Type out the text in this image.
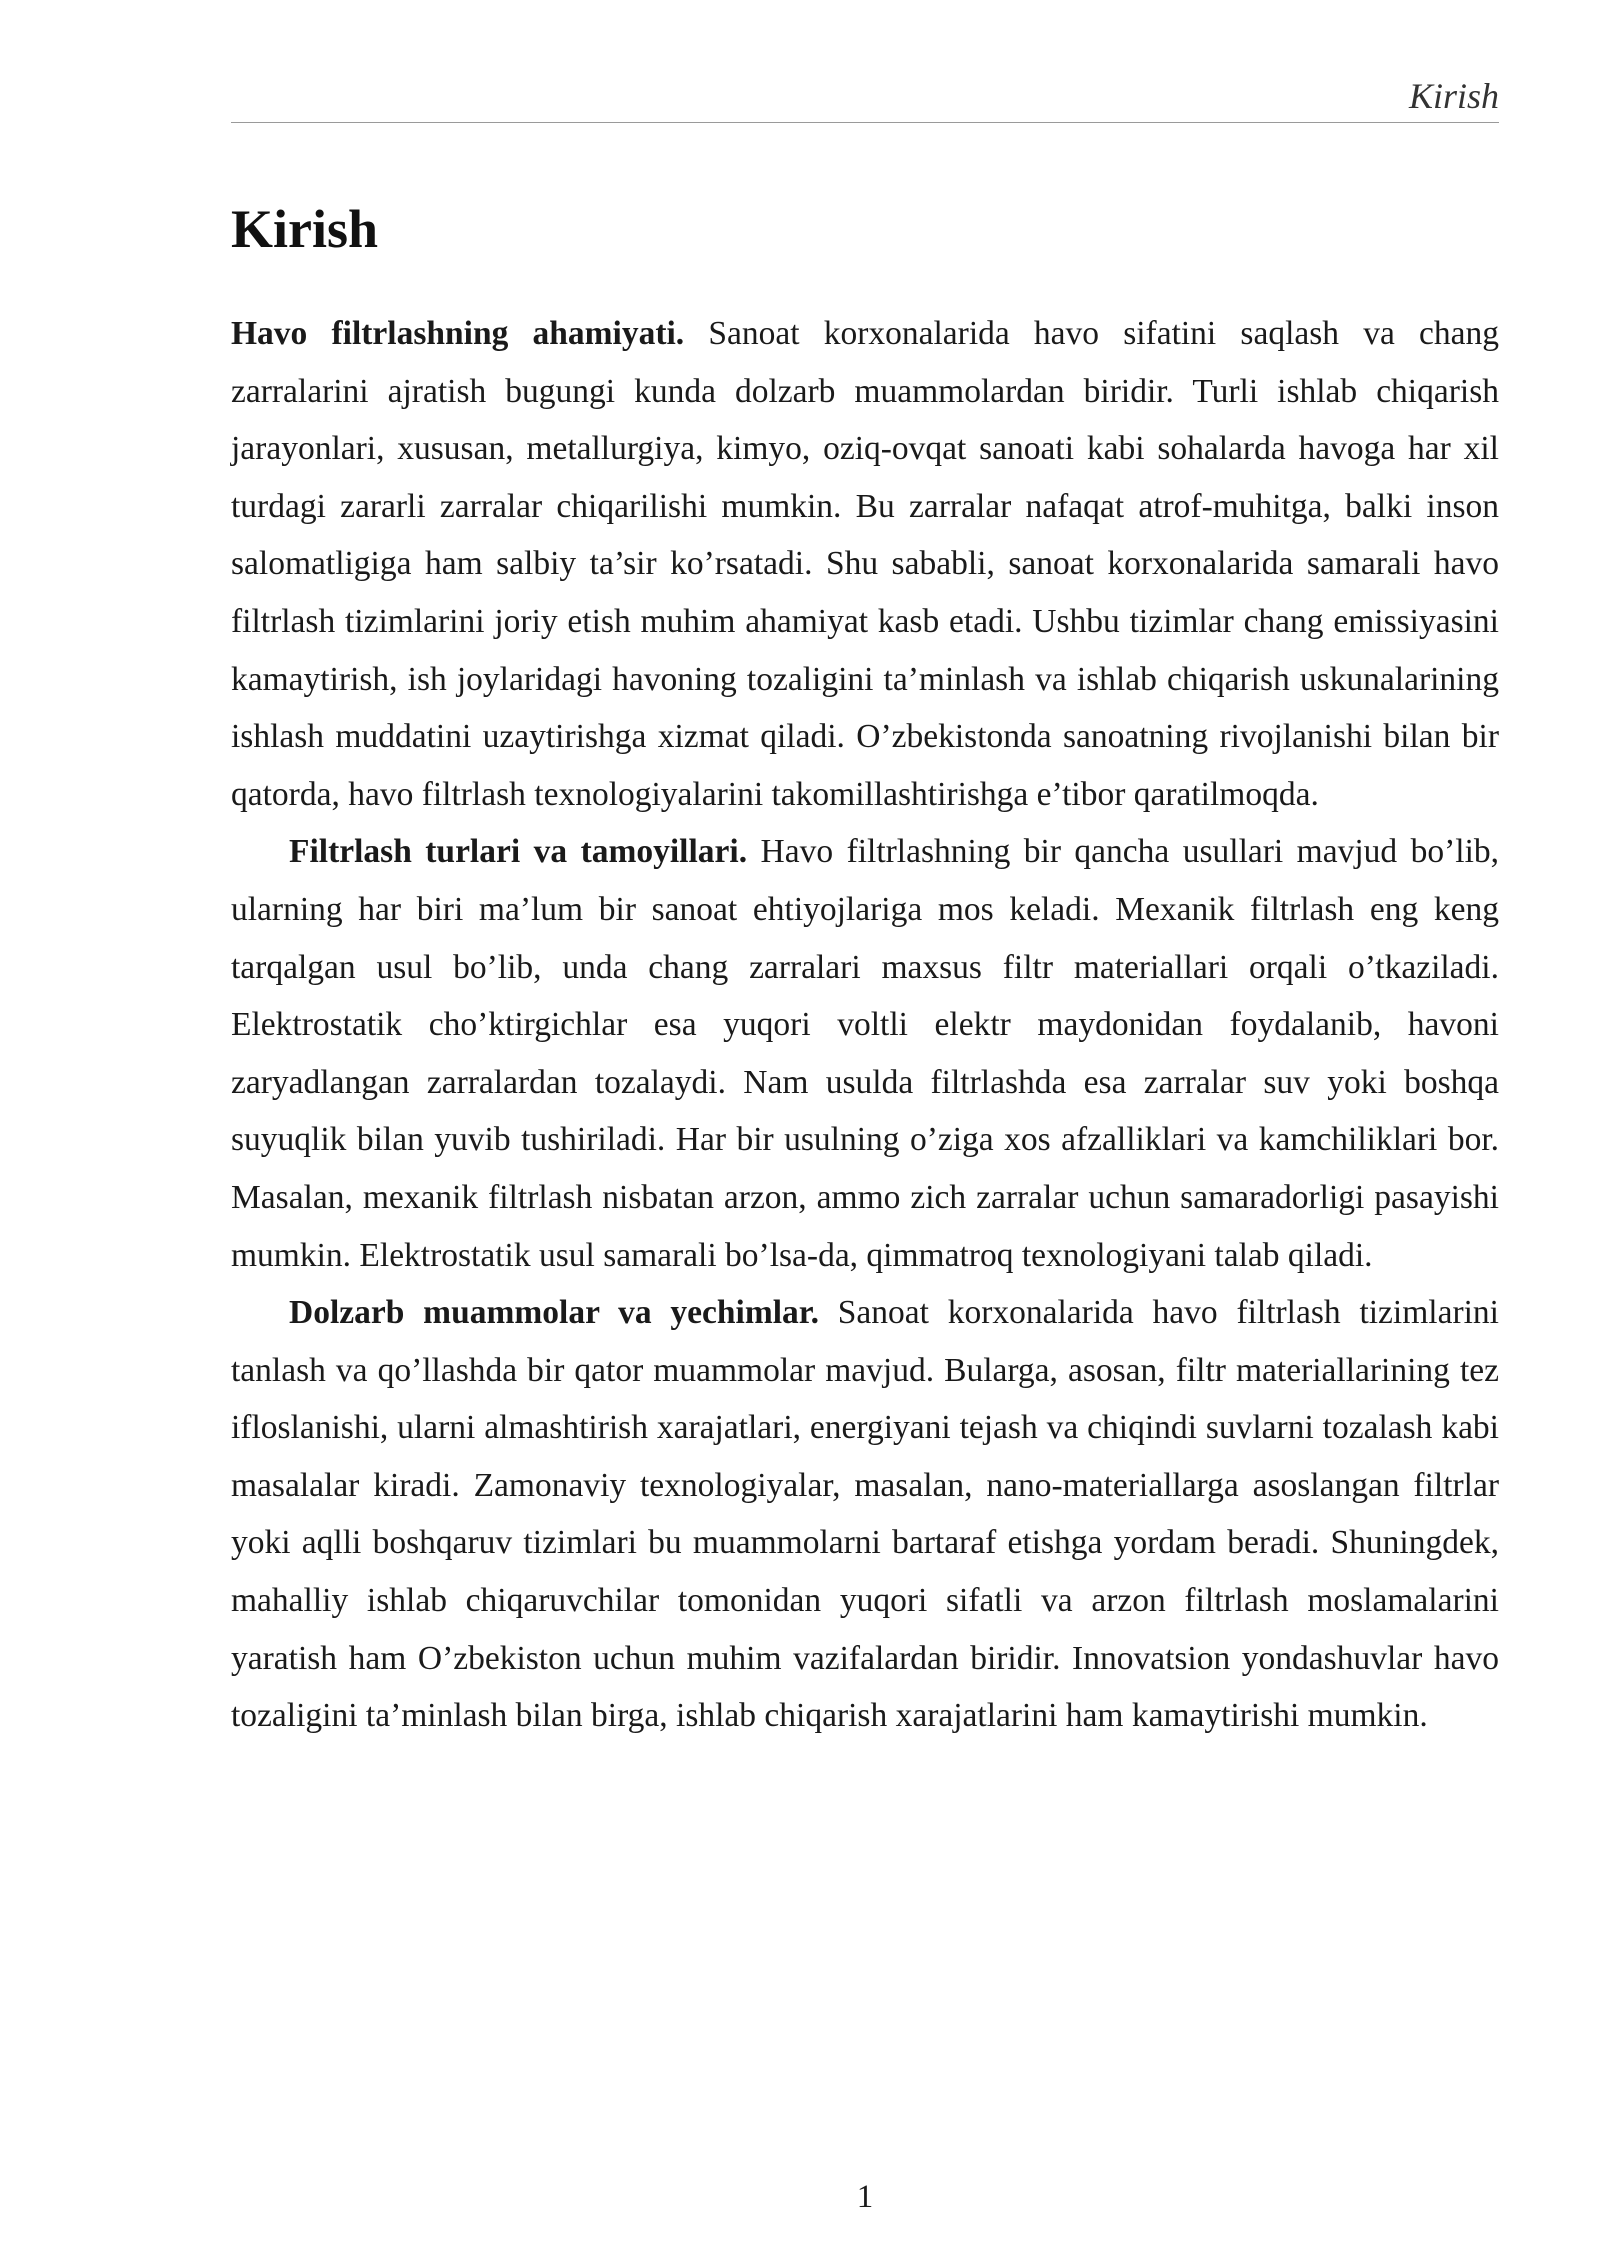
Kirish
Kirish

Havo filtrlashning ahamiyati. Sanoat korxonalarida havo sifatini saqlash va chang zarralarini ajratish bugungi kunda dolzarb muammolardan biridir. Turli ishlab chiqarish jarayonlari, xususan, metallurgiya, kimyo, oziq-ovqat sanoati kabi sohalarda havoga har xil turdagi zararli zarralar chiqarilishi mumkin. Bu zarralar nafaqat atrof-muhitga, balki inson salomatligiga ham salbiy ta’sir ko’rsatadi. Shu sababli, sanoat korxonalarida samarali havo filtrlash tizimlarini joriy etish muhim ahamiyat kasb etadi. Ushbu tizimlar chang emissiyasini kamaytirish, ish joylaridagi havoning tozaligini ta’minlash va ishlab chiqarish uskunalarining ishlash muddatini uzaytirishga xizmat qiladi. O’zbekistonda sanoatning rivojlanishi bilan bir qatorda, havo filtrlash texnologiyalarini takomillashtirishga e’tibor qaratilmoqda.

Filtrlash turlari va tamoyillari. Havo filtrlashning bir qancha usullari mavjud bo’lib, ularning har biri ma’lum bir sanoat ehtiyojlariga mos keladi. Mexanik filtrlash eng keng tarqalgan usul bo’lib, unda chang zarralari maxsus filtr materiallari orqali o’tkaziladi. Elektrostatik cho’ktirgichlar esa yuqori voltli elektr maydonidan foydalanib, havoni zaryadlangan zarralardan tozalaydi. Nam usulda filtrlashda esa zarralar suv yoki boshqa suyuqlik bilan yuvib tushiriladi. Har bir usulning o’ziga xos afzalliklari va kamchiliklari bor. Masalan, mexanik filtrlash nisbatan arzon, ammo zich zarralar uchun samaradorligi pasayishi mumkin. Elektrostatik usul samarali bo’lsa-da, qimmatroq texnologiyani talab qiladi.

Dolzarb muammolar va yechimlar. Sanoat korxonalarida havo filtrlash tizimlarini tanlash va qo’llashda bir qator muammolar mavjud. Bularga, asosan, filtr materiallarining tez ifloslanishi, ularni almashtirish xarajatlari, energiyani tejash va chiqindi suvlarni tozalash kabi masalalar kiradi. Zamonaviy texnologiyalar, masalan, nano-materiallarga asoslangan filtrlar yoki aqlli boshqaruv tizimlari bu muammolarni bartaraf etishga yordam beradi. Shuningdek, mahalliy ishlab chiqaruvchilar tomonidan yuqori sifatli va arzon filtrlash moslamalarini yaratish ham O’zbekiston uchun muhim vazifalardan biridir. Innovatsion yondashuvlar havo tozaligini ta’minlash bilan birga, ishlab chiqarish xarajatlarini ham kamaytirishi mumkin.

1
